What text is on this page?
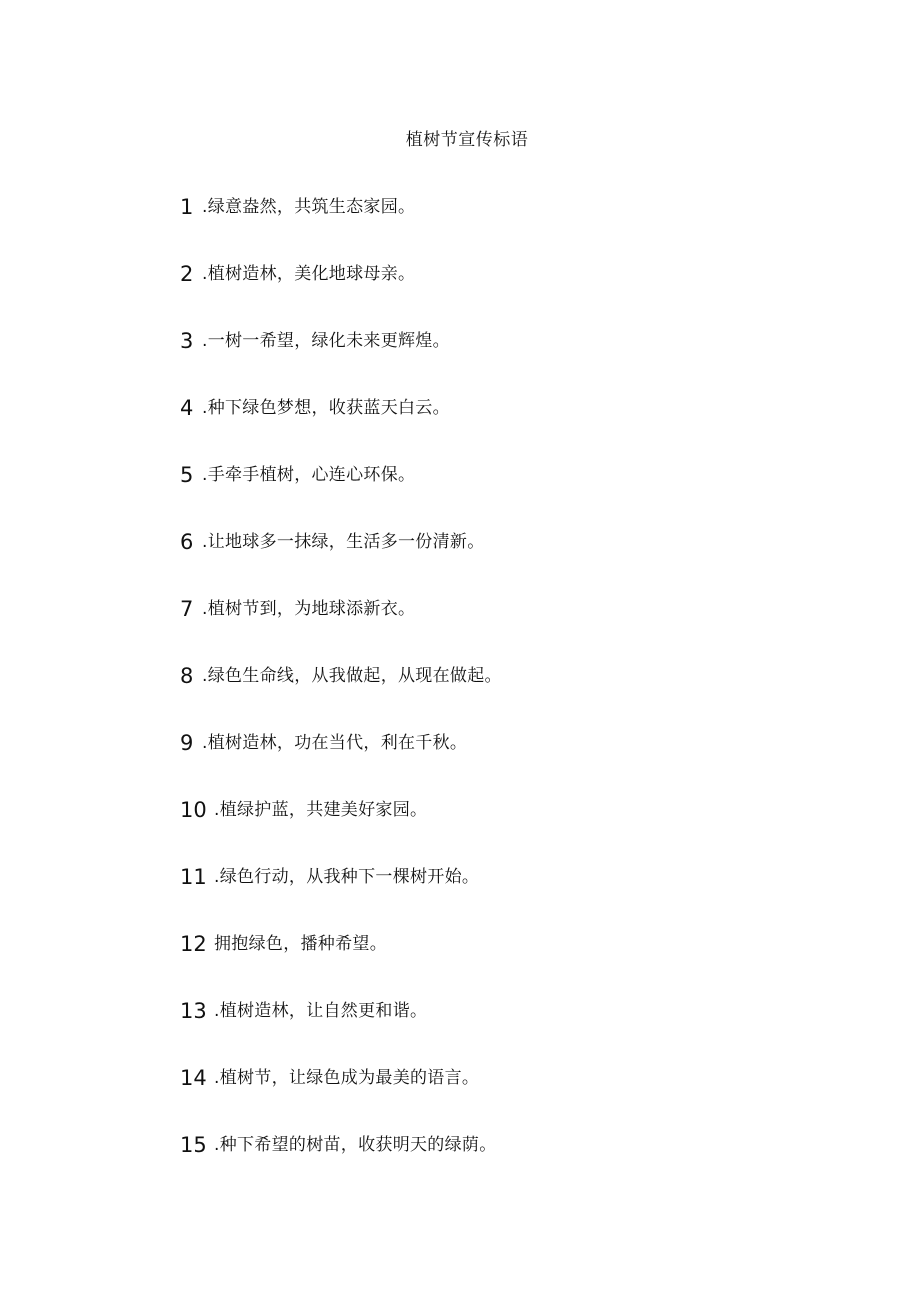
植树节宣传标语
1 .绿意盎然，共筑生态家园。
2 .植树造林，美化地球母亲。
3 .一树一希望，绿化未来更辉煌。
4 .种下绿色梦想，收获蓝天白云。
5 .手牵手植树，心连心环保。
6 .让地球多一抹绿，生活多一份清新。
7 .植树节到，为地球添新衣。
8 .绿色生命线，从我做起，从现在做起。
9 .植树造林，功在当代，利在千秋。
10 .植绿护蓝，共建美好家园。
11 .绿色行动，从我种下一棵树开始。
12 拥抱绿色，播种希望。
13 .植树造林，让自然更和谐。
14 .植树节，让绿色成为最美的语言。
15 .种下希望的树苗，收获明天的绿荫。
